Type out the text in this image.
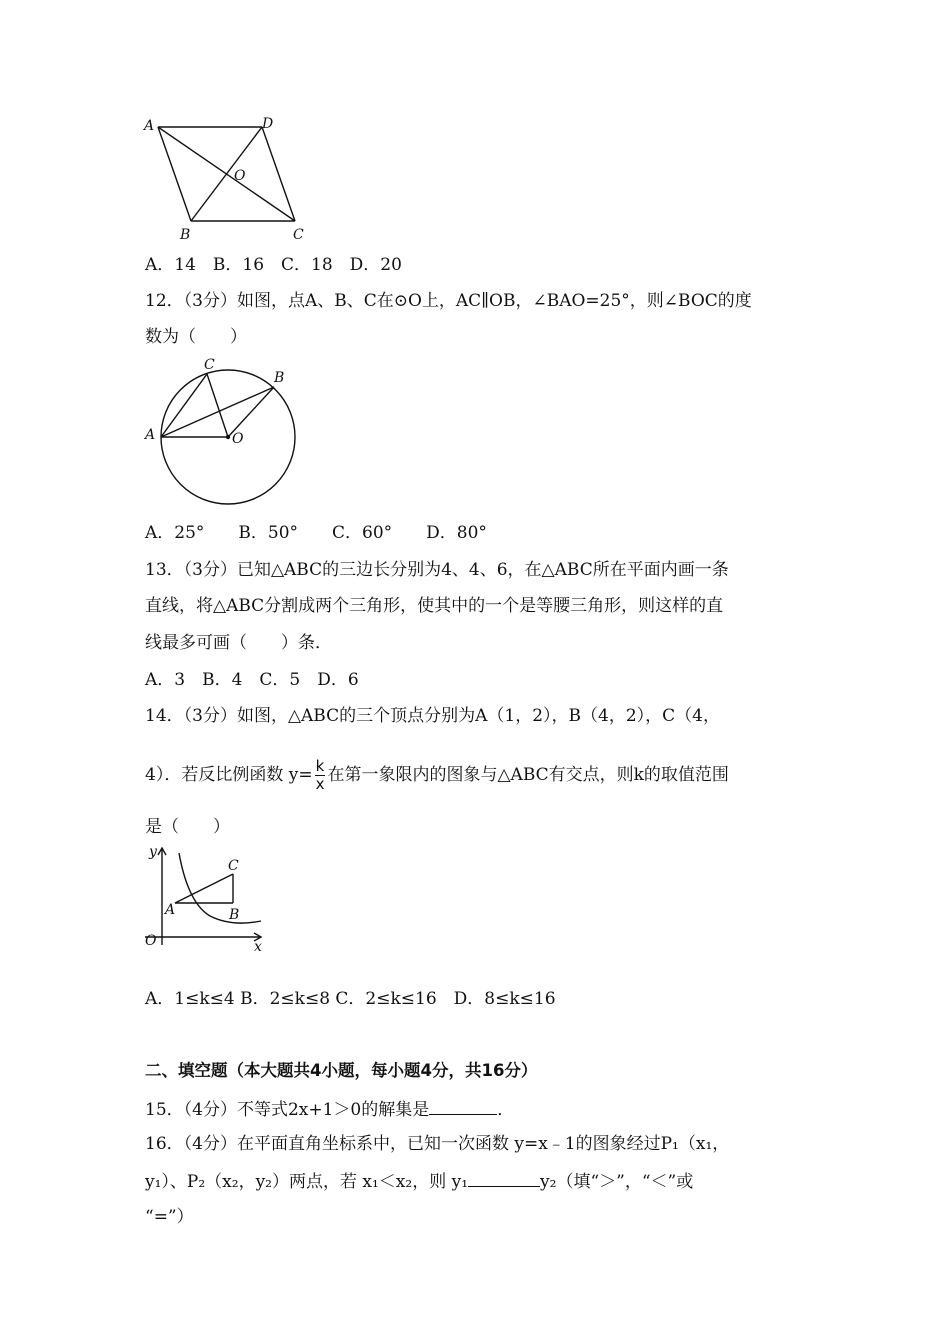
A	D
O
B	C
A．14　B．16　C．18　D．20
12．（3分）如图，点A、B、C在⊙O上，AC∥OB，∠BAO=25°，则∠BOC的度
数为（　　）
A
C
B
O
A．25°　　B．50°　　C．60°　　D．80°
13．（3分）已知△ABC的三边长分别为4、4、6，在△ABC所在平面内画一条
直线，将△ABC分割成两个三角形，使其中的一个是等腰三角形，则这样的直
线最多可画（　　）条．
A．3　B．4　C．5　D．6
14．（3分）如图，△ABC的三个顶点分别为A（1，2），B（4，2），C（4，
4）．若反比例函数 $y= \frac{k}{x}$ 在第一象限内的图象与△ABC有交点，则k的取值范围
是（　　）
y
x
O
A	B
C
A．1≤k≤4 B．2≤k≤8 C．2≤k≤16　D．8≤k≤16
二、填空题（本大题共4小题，每小题4分，共16分）
15．（4分）不等式2x+1＞0的解集是	．
16．（4分）在平面直角坐标系中，已知一次函数 y=x﹣1的图象经过P₁（x₁，
y₁）、P₂（x₂，y₂）两点，若 x₁＜x₂，则 y₁	y₂（填“＞”，“＜”或
“=”）
